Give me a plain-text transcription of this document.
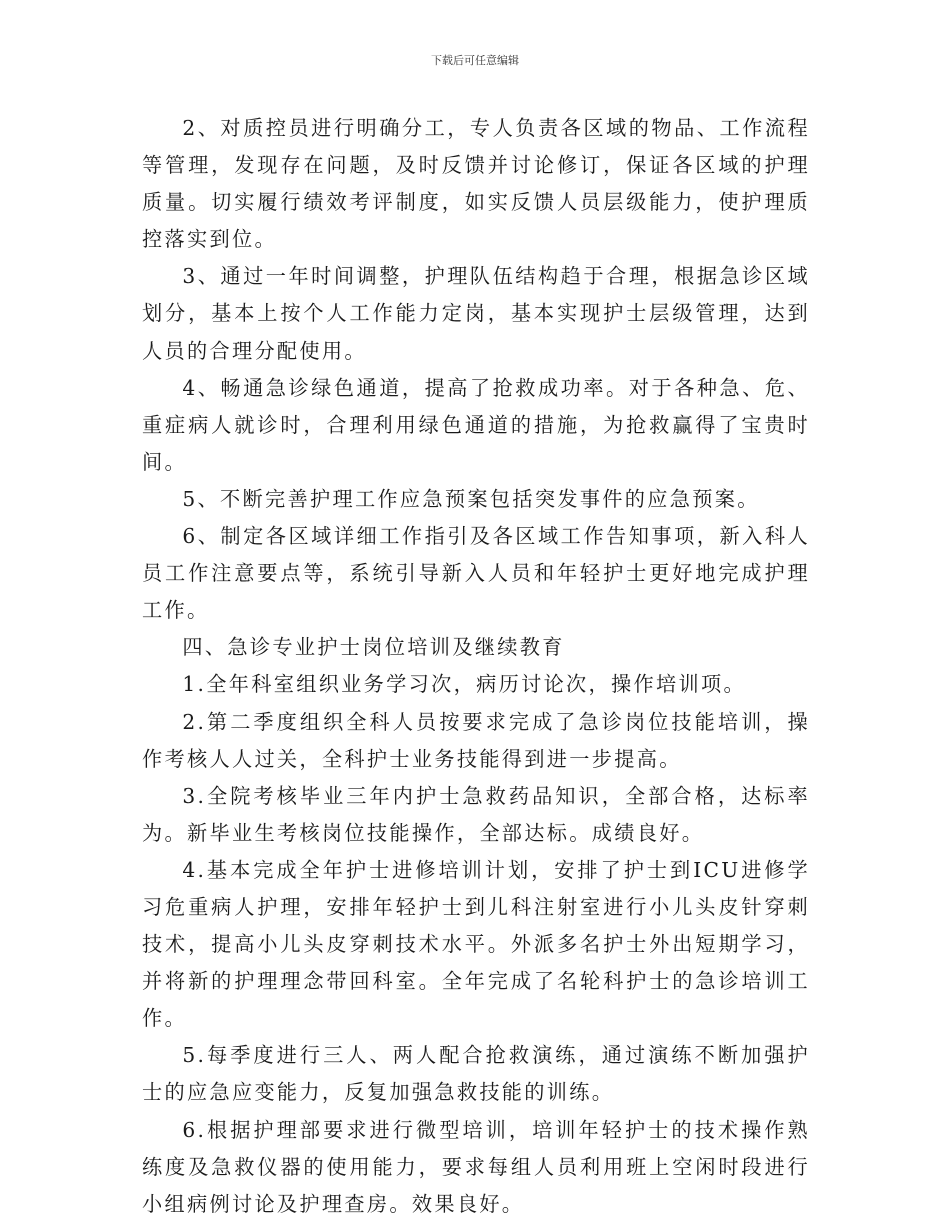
下载后可任意编辑

2、对质控员进行明确分工，专人负责各区域的物品、工作流程等管理，发现存在问题，及时反馈并讨论修订，保证各区域的护理质量。切实履行绩效考评制度，如实反馈人员层级能力，使护理质控落实到位。

3、通过一年时间调整，护理队伍结构趋于合理，根据急诊区域划分，基本上按个人工作能力定岗，基本实现护士层级管理，达到人员的合理分配使用。

4、畅通急诊绿色通道，提高了抢救成功率。对于各种急、危、重症病人就诊时，合理利用绿色通道的措施，为抢救赢得了宝贵时间。

5、不断完善护理工作应急预案包括突发事件的应急预案。

6、制定各区域详细工作指引及各区域工作告知事项，新入科人员工作注意要点等，系统引导新入人员和年轻护士更好地完成护理工作。

四、急诊专业护士岗位培训及继续教育

1.全年科室组织业务学习次，病历讨论次，操作培训项。

2.第二季度组织全科人员按要求完成了急诊岗位技能培训，操作考核人人过关，全科护士业务技能得到进一步提高。

3.全院考核毕业三年内护士急救药品知识，全部合格，达标率为。新毕业生考核岗位技能操作，全部达标。成绩良好。

4.基本完成全年护士进修培训计划，安排了护士到ICU进修学习危重病人护理，安排年轻护士到儿科注射室进行小儿头皮针穿刺技术，提高小儿头皮穿刺技术水平。外派多名护士外出短期学习，并将新的护理理念带回科室。全年完成了名轮科护士的急诊培训工作。

5.每季度进行三人、两人配合抢救演练，通过演练不断加强护士的应急应变能力，反复加强急救技能的训练。

6.根据护理部要求进行微型培训，培训年轻护士的技术操作熟练度及急救仪器的使用能力，要求每组人员利用班上空闲时段进行小组病例讨论及护理查房。效果良好。
